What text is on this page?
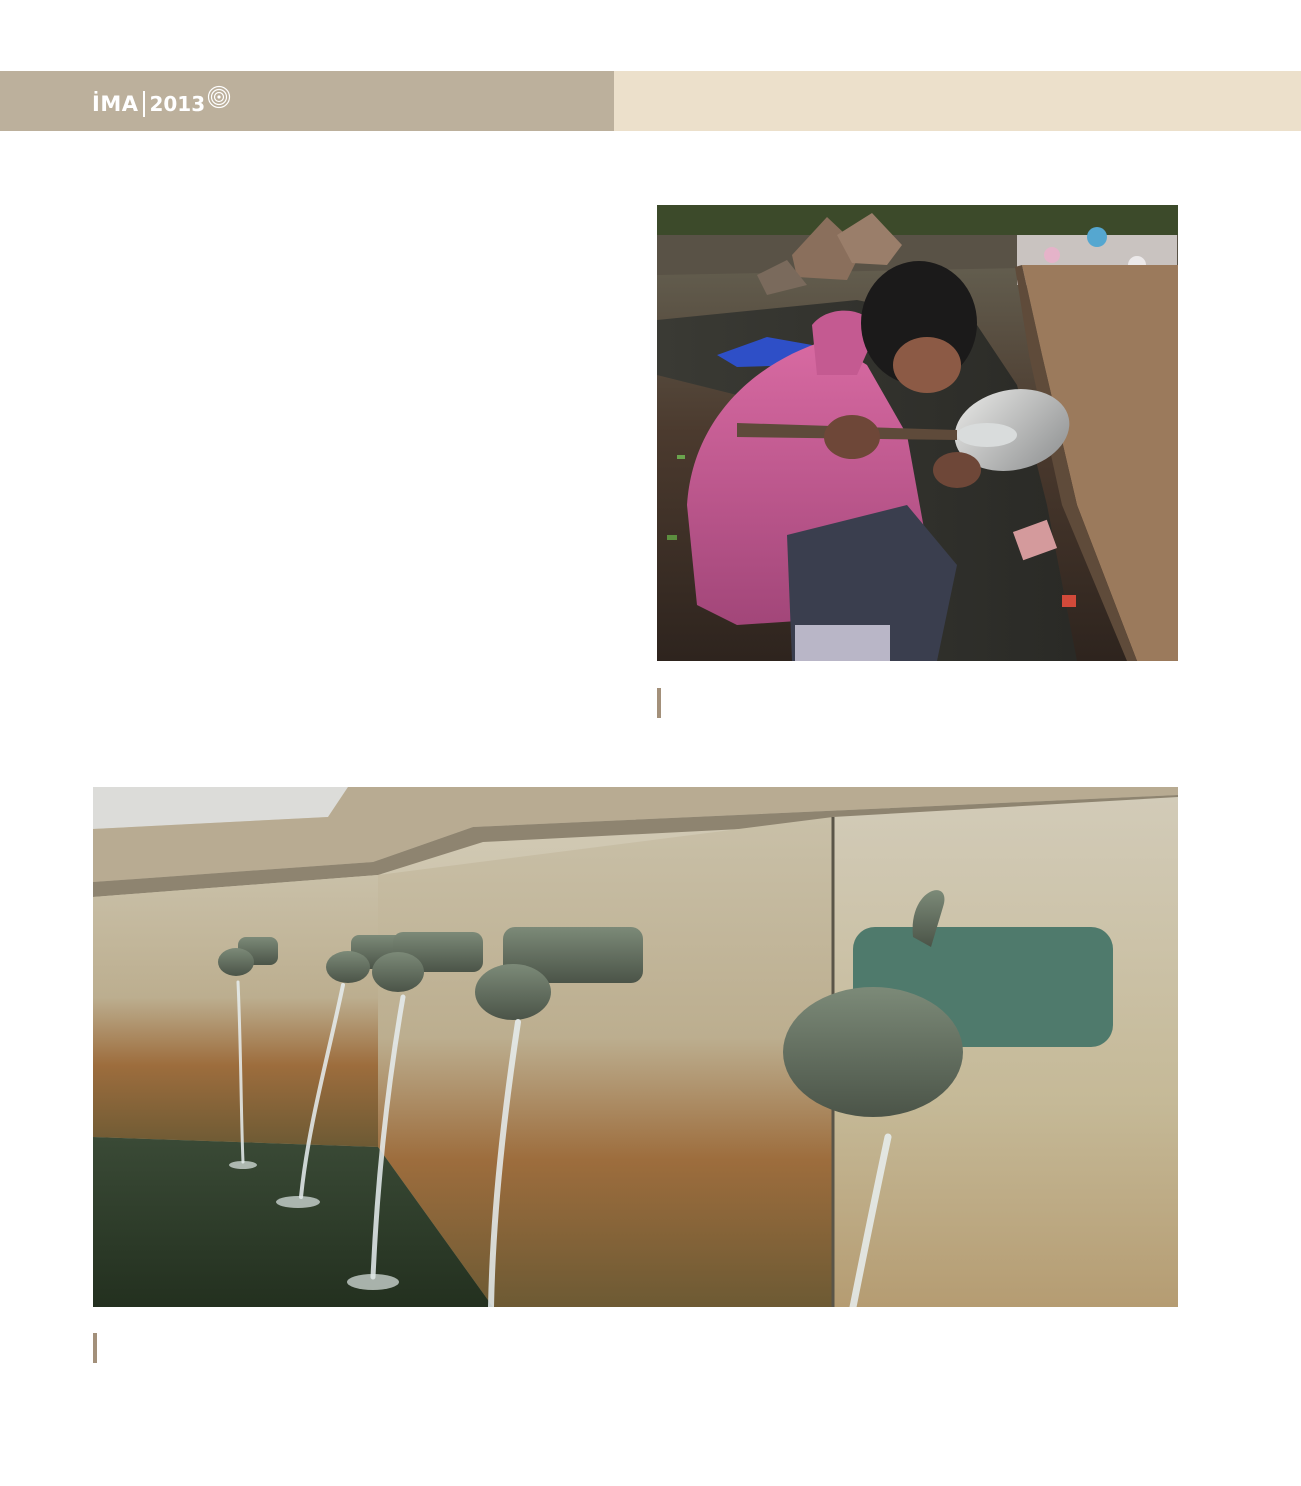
İMA 2013
